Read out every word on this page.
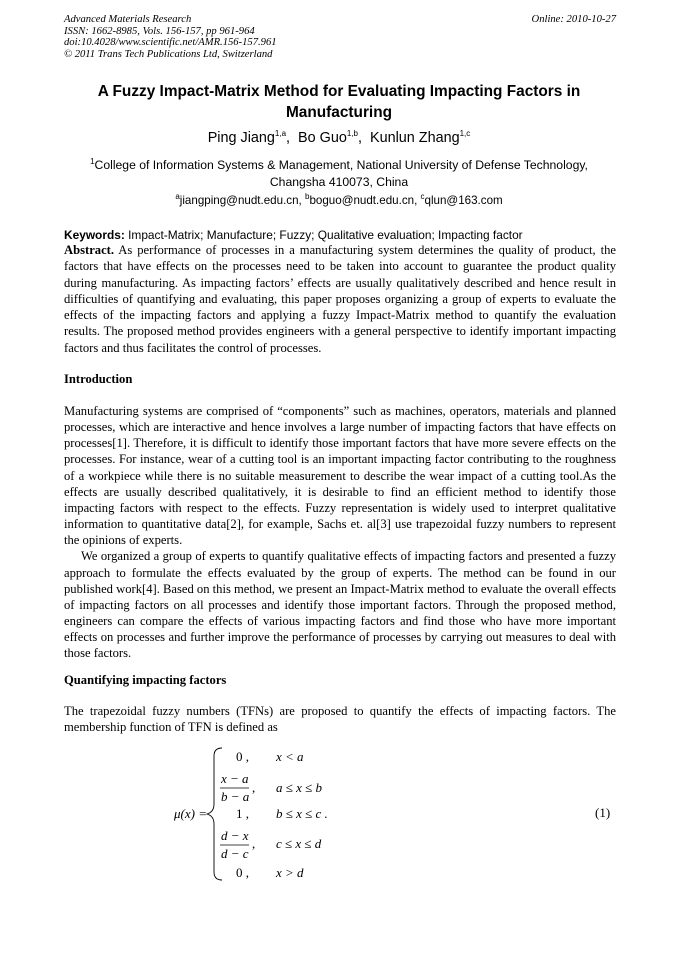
Advanced Materials Research
ISSN: 1662-8985, Vols. 156-157, pp 961-964
doi:10.4028/www.scientific.net/AMR.156-157.961
© 2011 Trans Tech Publications Ltd, Switzerland
Online: 2010-10-27
A Fuzzy Impact-Matrix Method for Evaluating Impacting Factors in
Manufacturing
Ping Jiang$^{1,a}$,  Bo Guo$^{1,b}$,  Kunlun Zhang$^{1,c}$
$^1$College of Information Systems & Management, National University of Defense Technology,
Changsha 410073, China
$^a$jiangping@nudt.edu.cn, $^b$boguo@nudt.edu.cn, $^c$qlun@163.com
Keywords: Impact-Matrix; Manufacture; Fuzzy; Qualitative evaluation; Impacting factor
Abstract. As performance of processes in a manufacturing system determines the quality of product, the factors that have effects on the processes need to be taken into account to guarantee the product quality during manufacturing. As impacting factors’ effects are usually qualitatively described and hence result in difficulties of quantifying and evaluating, this paper proposes organizing a group of experts to evaluate the effects of the impacting factors and applying a fuzzy Impact-Matrix method to quantify the evaluation results. The proposed method provides engineers with a general perspective to identify important impacting factors and thus facilitates the control of processes.
Introduction

Manufacturing systems are comprised of “components” such as machines, operators, materials and planned processes, which are interactive and hence involves a large number of impacting factors that have effects on processes[1]. Therefore, it is difficult to identify those important factors that have more severe effects on the processes. For instance, wear of a cutting tool is an important impacting factor contributing to the roughness of a workpiece while there is no suitable measurement to describe the wear impact of a cutting tool.As the effects are usually described qualitatively, it is desirable to find an efficient method to identify those impacting factors with respect to the effects. Fuzzy representation is widely used to interpret qualitative information to quantitative data[2], for example, Sachs et. al[3] use trapezoidal fuzzy numbers to represent the opinions of experts.

We organized a group of experts to quantify qualitative effects of impacting factors and presented a fuzzy approach to formulate the effects evaluated by the group of experts. The method can be found in our published work[4]. Based on this method, we present an Impact-Matrix method to evaluate the overall effects of impacting factors on all processes and identify those important factors. Through the proposed method, engineers can compare the effects of various impacting factors and find those who have more important effects on processes and further improve the performance of processes by carrying out measures to deal with those factors.

Quantifying impacting factors
The trapezoidal fuzzy numbers (TFNs) are proposed to quantify the effects of impacting factors. The membership function of TFN is defined as
μ(x) =
0 , x < a
x − a
b − a
, a ≤ x ≤ b
1 , b ≤ x ≤ c .
d − x
d − c
, c ≤ x ≤ d
0 , x > d
(1)
